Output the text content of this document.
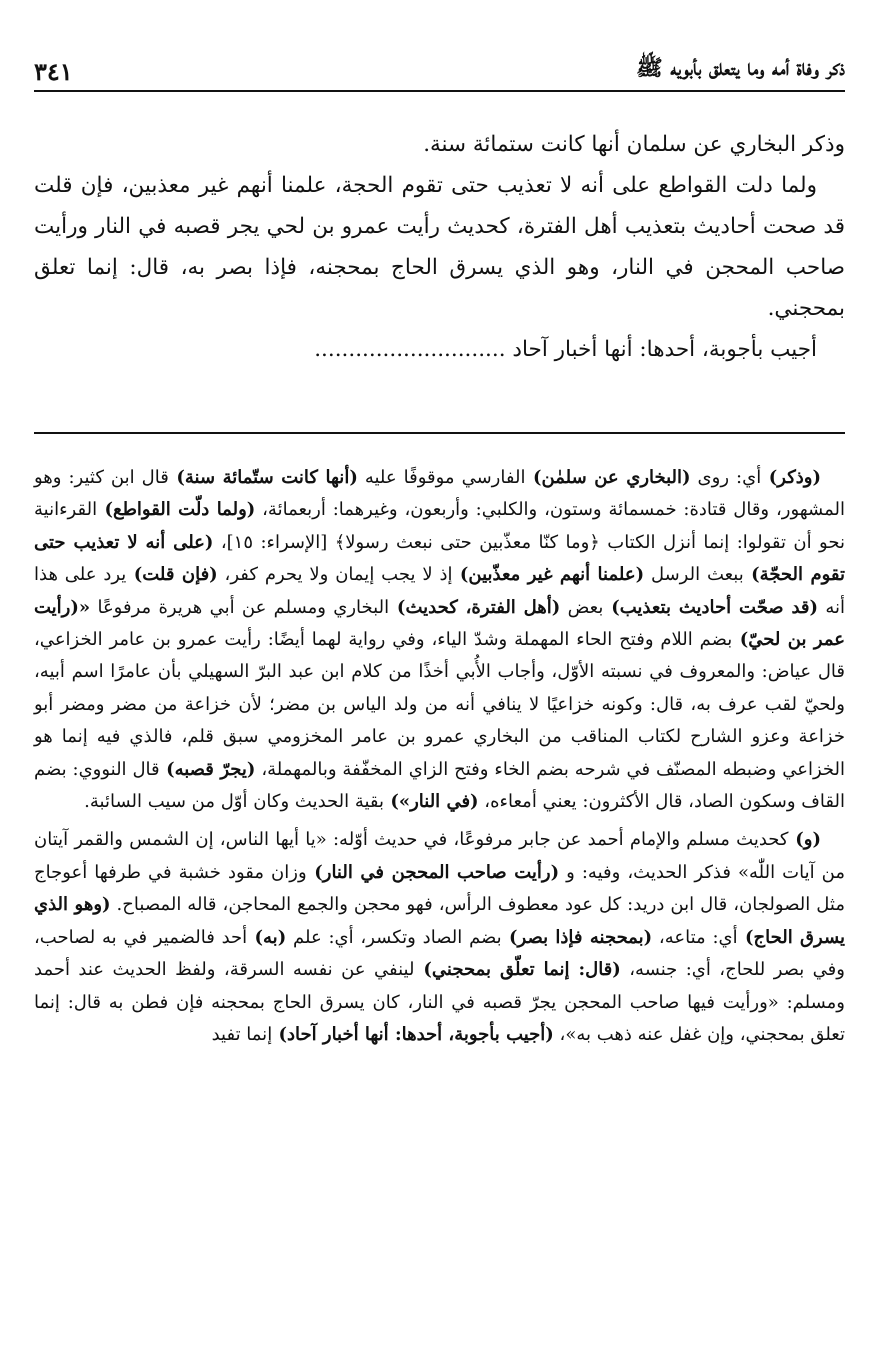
٣٤١	ذكر وفاة أمه وما يتعلق بأبويه ﷺ

وذكر البخاري عن سلمان أنها كانت ستمائة سنة.

ولما دلت القواطع على أنه لا تعذيب حتى تقوم الحجة، علمنا أنهم غير معذبين، فإن قلت قد صحت أحاديث بتعذيب أهل الفترة، كحديث رأيت عمرو بن لحي يجر قصبه في النار ورأيت صاحب المحجن في النار، وهو الذي يسرق الحاج بمحجنه، فإذا بصر به، قال: إنما تعلق بمحجني.

أجيب بأجوبة، أحدها: أنها أخبار آحاد ............................

(وذكر) أي: روى (البخاري عن سلمٰن) الفارسي موقوفًا عليه (أنها كانت ستّمائة سنة) قال ابن كثير: وهو المشهور، وقال قتادة: خمسمائة وستون، والكلبي: وأربعون، وغيرهما: أربعمائة، (ولما دلّت القواطع) القرءانية نحو أن تقولوا: إنما أنزل الكتاب ﴿وما كنّا معذّبين حتى نبعث رسولا﴾ [الإسراء: ١٥]، (على أنه لا تعذيب حتى تقوم الحجّة) ببعث الرسل (علمنا أنهم غير معذّبين) إذ لا يجب إيمان ولا يحرم كفر، (فإن قلت) يرد على هذا أنه (قد صحّت أحاديث بتعذيب) بعض (أهل الفترة، كحديث) البخاري ومسلم عن أبي هريرة مرفوعًا «(رأيت عمر بن لحيّ) بضم اللام وفتح الحاء المهملة وشدّ الياء، وفي رواية لهما أيضًا: رأيت عمرو بن عامر الخزاعي، قال عياض: والمعروف في نسبته الأوّل، وأجاب الأُبي أخذًا من كلام ابن عبد البرّ السهيلي بأن عامرًا اسم أبيه، ولحيّ لقب عرف به، قال: وكونه خزاعيًا لا ينافي أنه من ولد الياس بن مضر؛ لأن خزاعة من مضر ومضر أبو خزاعة وعزو الشارح لكتاب المناقب من البخاري عمرو بن عامر المخزومي سبق قلم، فالذي فيه إنما هو الخزاعي وضبطه المصنّف في شرحه بضم الخاء وفتح الزاي المخفّفة وبالمهملة، (يجرّ قصبه) قال النووي: بضم القاف وسكون الصاد، قال الأكثرون: يعني أمعاءه، (في النار») بقية الحديث وكان أوّل من سيب السائبة.

(و) كحديث مسلم والإمام أحمد عن جابر مرفوعًا، في حديث أوّله: «يا أيها الناس، إن الشمس والقمر آيتان من آيات اللّٰه» فذكر الحديث، وفيه: و (رأيت صاحب المحجن في النار) وزان مقود خشبة في طرفها أعوجاج مثل الصولجان، قال ابن دريد: كل عود معطوف الرأس، فهو محجن والجمع المحاجن، قاله المصباح. (وهو الذي يسرق الحاج) أي: متاعه، (بمحجنه فإذا بصر) بضم الصاد وتكسر، أي: علم (به) أحد فالضمير في به لصاحب، وفي بصر للحاج، أي: جنسه، (قال: إنما تعلّق بمحجني) لينفي عن نفسه السرقة، ولفظ الحديث عند أحمد ومسلم: «ورأيت فيها صاحب المحجن يجرّ قصبه في النار، كان يسرق الحاج بمحجنه فإن فطن به قال: إنما تعلق بمحجني، وإن غفل عنه ذهب به»، (أجيب بأجوبة، أحدها: أنها أخبار آحاد) إنما تفيد
